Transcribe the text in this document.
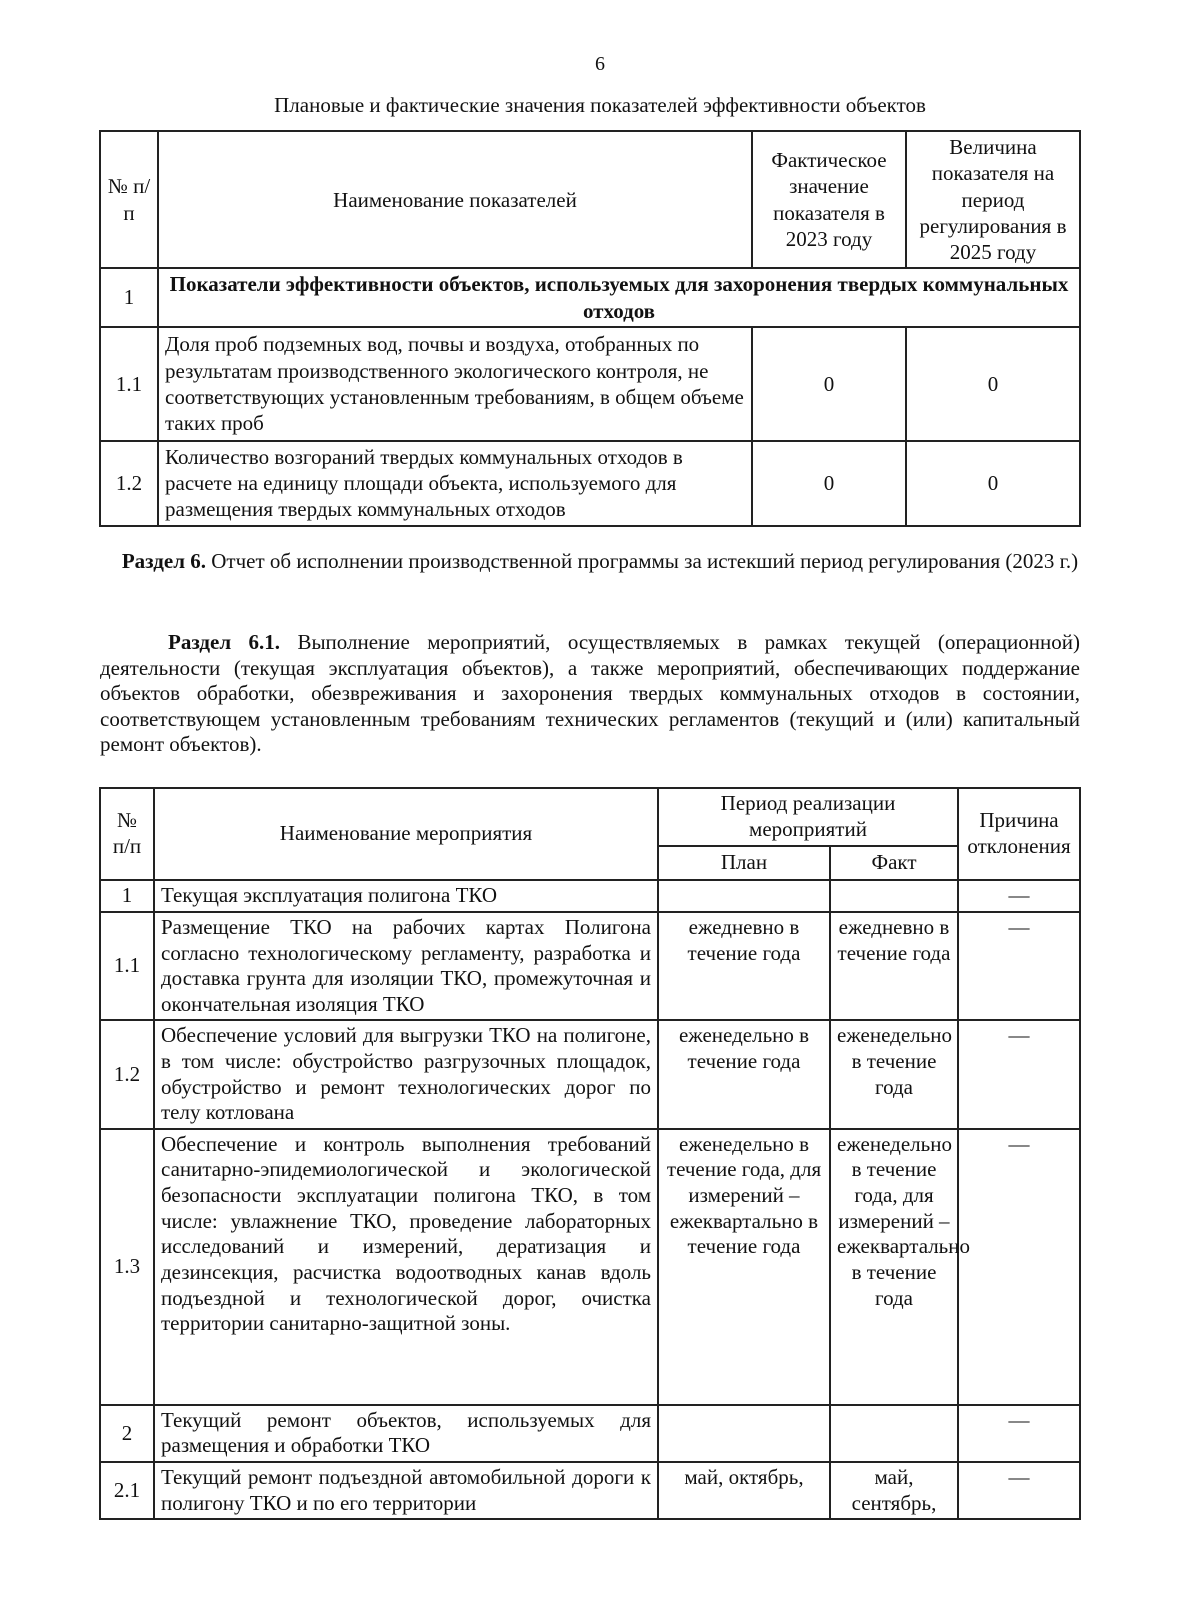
6
Плановые и фактические значения показателей эффективности объектов
№ п/п	Наименование показателей	Фактическое значение показателя в 2023 году	Величина показателя на период регулирования в 2025 году
1	Показатели эффективности объектов, используемых для захоронения твердых коммунальных отходов		
1.1	Доля проб подземных вод, почвы и воздуха, отобранных по результатам производственного экологического контроля, не соответствующих установленным требованиям, в общем объеме таких проб	0	0
1.2	Количество возгораний твердых коммунальных отходов в расчете на единицу площади объекта, используемого для размещения твердых коммунальных отходов	0	0
Раздел 6. Отчет об исполнении производственной программы за истекший период регулирования (2023 г.)
Раздел 6.1. Выполнение мероприятий, осуществляемых в рамках текущей (операционной) деятельности (текущая эксплуатация объектов), а также мероприятий, обеспечивающих поддержание объектов обработки, обезвреживания и захоронения твердых коммунальных отходов в состоянии, соответствующем установленным требованиям технических регламентов (текущий и (или) капитальный ремонт объектов).
№ п/п	Наименование мероприятия	Период реализации мероприятий		Причина отклонения
		План	Факт	
1	Текущая эксплуатация полигона ТКО			—
1.1	Размещение ТКО на рабочих картах Полигона согласно технологическому регламенту, разработка и доставка грунта для изоляции ТКО, промежуточная и окончательная изоляция ТКО	ежедневно в течение года	ежедневно в течение года	—
1.2	Обеспечение условий для выгрузки ТКО на полигоне, в том числе: обустройство разгрузочных площадок, обустройство и ремонт технологических дорог по телу котлована	еженедельно в течение года	еженедельно в течение года	—
1.3	Обеспечение и контроль выполнения требований санитарно-эпидемиологической и экологической безопасности эксплуатации полигона ТКО, в том числе: увлажнение ТКО, проведение лабораторных исследований и измерений, дератизация и дезинсекция, расчистка водоотводных канав вдоль подъездной и технологической дорог, очистка территории санитарно-защитной зоны.	еженедельно в течение года, для измерений – ежеквартально в течение года	еженедельно в течение года, для измерений – ежеквартально в течение года	—
2	Текущий ремонт объектов, используемых для размещения и обработки ТКО			—
2.1	Текущий ремонт подъездной автомобильной дороги к полигону ТКО и по его территории	май, октябрь,	май, сентябрь,	—
